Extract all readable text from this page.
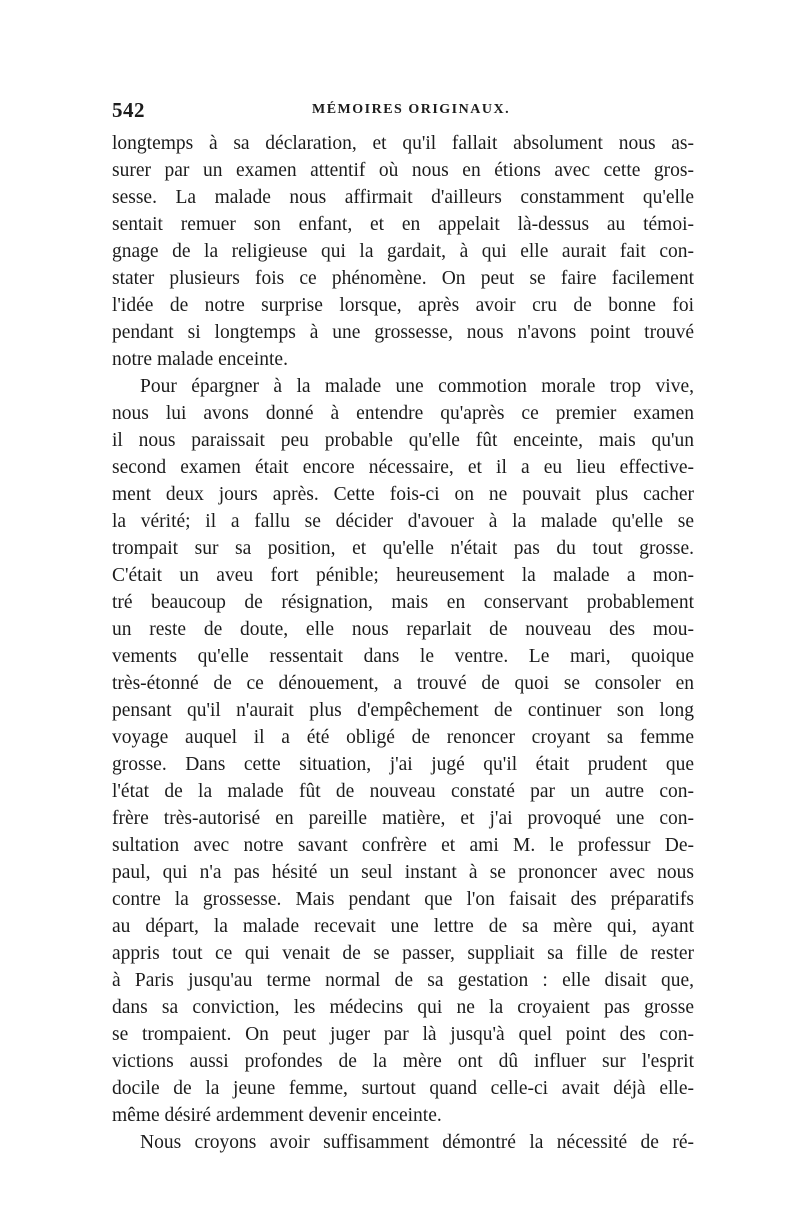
542	MÉMOIRES ORIGINAUX.
longtemps à sa déclaration, et qu'il fallait absolument nous as-
surer par un examen attentif où nous en étions avec cette gros-
sesse. La malade nous affirmait d'ailleurs constamment qu'elle
sentait remuer son enfant, et en appelait là-dessus au témoi-
gnage de la religieuse qui la gardait, à qui elle aurait fait con-
stater plusieurs fois ce phénomène. On peut se faire facilement
l'idée de notre surprise lorsque, après avoir cru de bonne foi
pendant si longtemps à une grossesse, nous n'avons point trouvé
notre malade enceinte.
Pour épargner à la malade une commotion morale trop vive,
nous lui avons donné à entendre qu'après ce premier examen
il nous paraissait peu probable qu'elle fût enceinte, mais qu'un
second examen était encore nécessaire, et il a eu lieu effective-
ment deux jours après. Cette fois-ci on ne pouvait plus cacher
la vérité; il a fallu se décider d'avouer à la malade qu'elle se
trompait sur sa position, et qu'elle n'était pas du tout grosse.
C'était un aveu fort pénible; heureusement la malade a mon-
tré beaucoup de résignation, mais en conservant probablement
un reste de doute, elle nous reparlait de nouveau des mou-
vements qu'elle ressentait dans le ventre. Le mari, quoique
très-étonné de ce dénouement, a trouvé de quoi se consoler en
pensant qu'il n'aurait plus d'empêchement de continuer son long
voyage auquel il a été obligé de renoncer croyant sa femme
grosse. Dans cette situation, j'ai jugé qu'il était prudent que
l'état de la malade fût de nouveau constaté par un autre con-
frère très-autorisé en pareille matière, et j'ai provoqué une con-
sultation avec notre savant confrère et ami M. le professur De-
paul, qui n'a pas hésité un seul instant à se prononcer avec nous
contre la grossesse. Mais pendant que l'on faisait des préparatifs
au départ, la malade recevait une lettre de sa mère qui, ayant
appris tout ce qui venait de se passer, suppliait sa fille de rester
à Paris jusqu'au terme normal de sa gestation : elle disait que,
dans sa conviction, les médecins qui ne la croyaient pas grosse
se trompaient. On peut juger par là jusqu'à quel point des con-
victions aussi profondes de la mère ont dû influer sur l'esprit
docile de la jeune femme, surtout quand celle-ci avait déjà elle-
même désiré ardemment devenir enceinte.
Nous croyons avoir suffisamment démontré la nécessité de ré-
